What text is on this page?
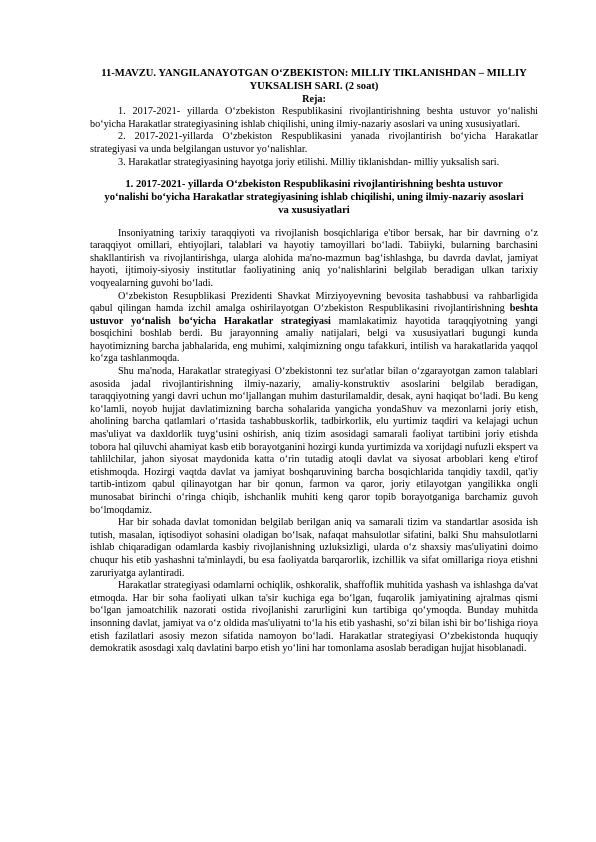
11-MAVZU. YANGILANAYOTGAN O‘ZBEKISTON: MILLIY TIKLANISHDAN – MILLIY YUKSALISH SARI. (2 soat)

Reja:

1. 2017-2021- yillarda O‘zbekiston Respublikasini rivojlantirishning beshta ustuvor yo‘nalishi bo‘yicha Harakatlar strategiyasining ishlab chiqilishi, uning ilmiy-nazariy asoslari va uning xususiyatlari.

2. 2017-2021-yillarda O‘zbekiston Respublikasini yanada rivojlantirish bo‘yicha Harakatlar strategiyasi va unda belgilangan ustuvor yo‘nalishlar.

3. Harakatlar strategiyasining hayotga joriy etilishi. Milliy tiklanishdan- milliy yuksalish sari.

1. 2017-2021- yillarda O‘zbekiston Respublikasini rivojlantirishning beshta ustuvor yo‘nalishi bo‘yicha Harakatlar strategiyasining ishlab chiqilishi, uning ilmiy-nazariy asoslari va xususiyatlari

Insoniyatning tarixiy taraqqiyoti va rivojlanish bosqichlariga e'tibor bersak, har bir davrning o‘z taraqqiyot omillari, ehtiyojlari, talablari va hayotiy tamoyillari bo‘ladi. Tabiiyki, bularning barchasini shakllantirish va rivojlantirishga, ularga alohida ma'no-mazmun bag‘ishlashga, bu davrda davlat, jamiyat hayoti, ijtimoiy-siyosiy institutlar faoliyatining aniq yo‘nalishlarini belgilab beradigan ulkan tarixiy voqyealarning guvohi bo‘ladi.

O‘zbekiston Resupblikasi Prezidenti Shavkat Mirziyoyevning bevosita tashabbusi va rahbarligida qabul qilingan hamda izchil amalga oshirilayotgan O‘zbekiston Respublikasini rivojlantirishning beshta ustuvor yo‘nalish bo‘yicha Harakatlar strategiyasi mamlakatimiz hayotida taraqqiyotning yangi bosqichini boshlab berdi. Bu jarayonning amaliy natijalari, belgi va xususiyatlari bugungi kunda hayotimizning barcha jabhalarida, eng muhimi, xalqimizning ongu tafakkuri, intilish va harakatlarida yaqqol ko‘zga tashlanmoqda.

Shu ma'noda, Harakatlar strategiyasi O‘zbekistonni tez sur'atlar bilan o‘zgarayotgan zamon talablari asosida jadal rivojlantirishning ilmiy-nazariy, amaliy-konstruktiv asoslarini belgilab beradigan, taraqqiyotning yangi davri uchun mo‘ljallangan muhim dasturilamaldir, desak, ayni haqiqat bo‘ladi. Bu keng ko‘lamli, noyob hujjat davlatimizning barcha sohalarida yangicha yondaShuv va mezonlarni joriy etish, aholining barcha qatlamlari o‘rtasida tashabbuskorlik, tadbirkorlik, elu yurtimiz taqdiri va kelajagi uchun mas'uliyat va daxldorlik tuyg‘usini oshirish, aniq tizim asosidagi samarali faoliyat tartibini joriy etishda tobora hal qiluvchi ahamiyat kasb etib borayotganini hozirgi kunda yurtimizda va xorijdagi nufuzli ekspert va tahlilchilar, jahon siyosat maydonida katta o‘rin tutadig atoqli davlat va siyosat arboblari keng e'tirof etishmoqda. Hozirgi vaqtda davlat va jamiyat boshqaruvining barcha bosqichlarida tanqidiy taxdil, qat'iy tartib-intizom qabul qilinayotgan har bir qonun, farmon va qaror, joriy etilayotgan yangilikka ongli munosabat birinchi o‘ringa chiqib, ishchanlik muhiti keng qaror topib borayotganiga barchamiz guvoh bo‘lmoqdamiz.

Har bir sohada davlat tomonidan belgilab berilgan aniq va samarali tizim va standartlar asosida ish tutish, masalan, iqtisodiyot sohasini oladigan bo‘lsak, nafaqat mahsulotlar sifatini, balki Shu mahsulotlarni ishlab chiqaradigan odamlarda kasbiy rivojlanishning uzluksizligi, ularda o‘z shaxsiy mas'uliyatini doimo chuqur his etib yashashni ta'minlaydi, bu esa faoliyatda barqarorlik, izchillik va sifat omillariga rioya etishni zaruriyatga aylantiradi.

Harakatlar strategiyasi odamlarni ochiqlik, oshkoralik, shaffoflik muhitida yashash va ishlashga da'vat etmoqda. Har bir soha faoliyati ulkan ta'sir kuchiga ega bo‘lgan, fuqarolik jamiyatining ajralmas qismi bo‘lgan jamoatchilik nazorati ostida rivojlanishi zarurligini kun tartibiga qo‘ymoqda. Bunday muhitda insonning davlat, jamiyat va o‘z oldida mas'uliyatni to‘la his etib yashashi, so‘zi bilan ishi bir bo‘lishiga rioya etish fazilatlari asosiy mezon sifatida namoyon bo‘ladi. Harakatlar strategiyasi O‘zbekistonda huquqiy demokratik asosdagi xalq davlatini barpo etish yo‘lini har tomonlama asoslab beradigan hujjat hisoblanadi.
